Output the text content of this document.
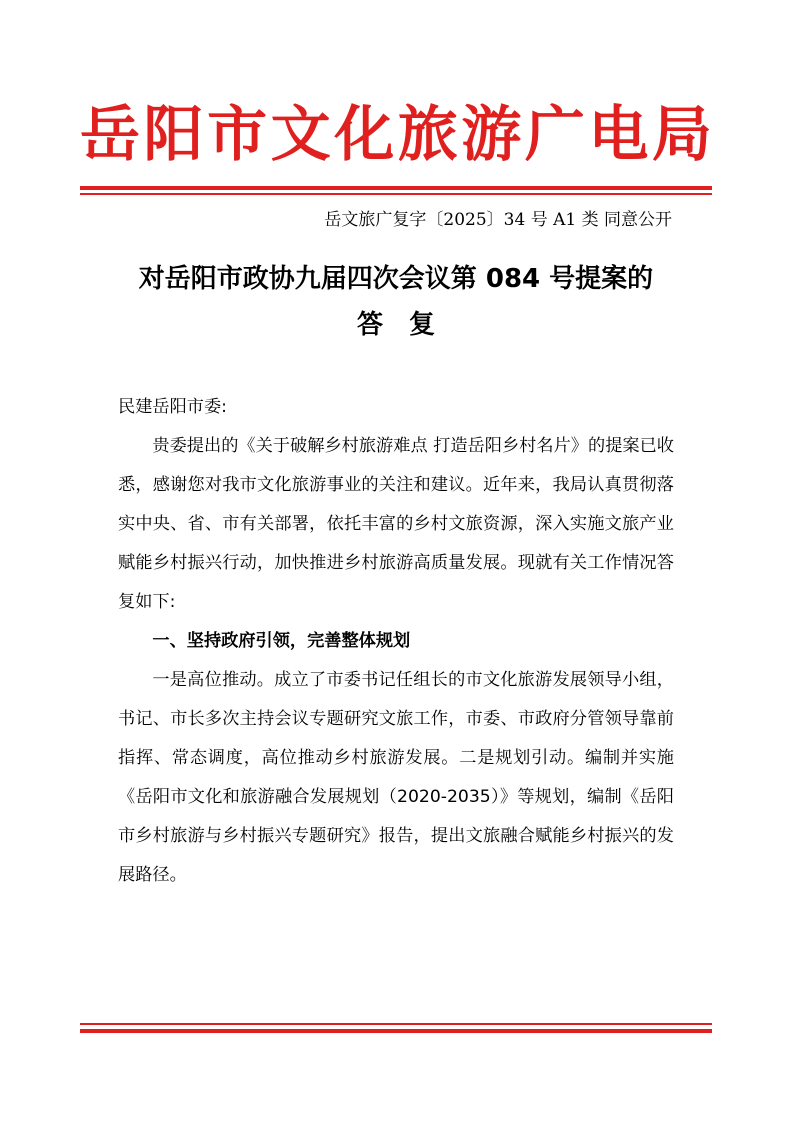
岳 阳 市 文 化 旅 游 广 电 局
岳文旅广复字〔2025〕34 号 A1 类 同意公开
对岳阳市政协九届四次会议第 084 号提案的
答复

民建岳阳市委:

贵委提出的《关于破解乡村旅游难点 打造岳阳乡村名片》的提案已收悉，感谢您对我市文化旅游事业的关注和建议。近年来，我局认真贯彻落实中央、省、市有关部署，依托丰富的乡村文旅资源，深入实施文旅产业赋能乡村振兴行动，加快推进乡村旅游高质量发展。现就有关工作情况答复如下:

一、坚持政府引领，完善整体规划

一是高位推动。成立了市委书记任组长的市文化旅游发展领导小组，书记、市长多次主持会议专题研究文旅工作，市委、市政府分管领导靠前指挥、常态调度，高位推动乡村旅游发展。二是规划引动。编制并实施《岳阳市文化和旅游融合发展规划（2020-2035）》等规划，编制《岳阳市乡村旅游与乡村振兴专题研究》报告，提出文旅融合赋能乡村振兴的发展路径。
